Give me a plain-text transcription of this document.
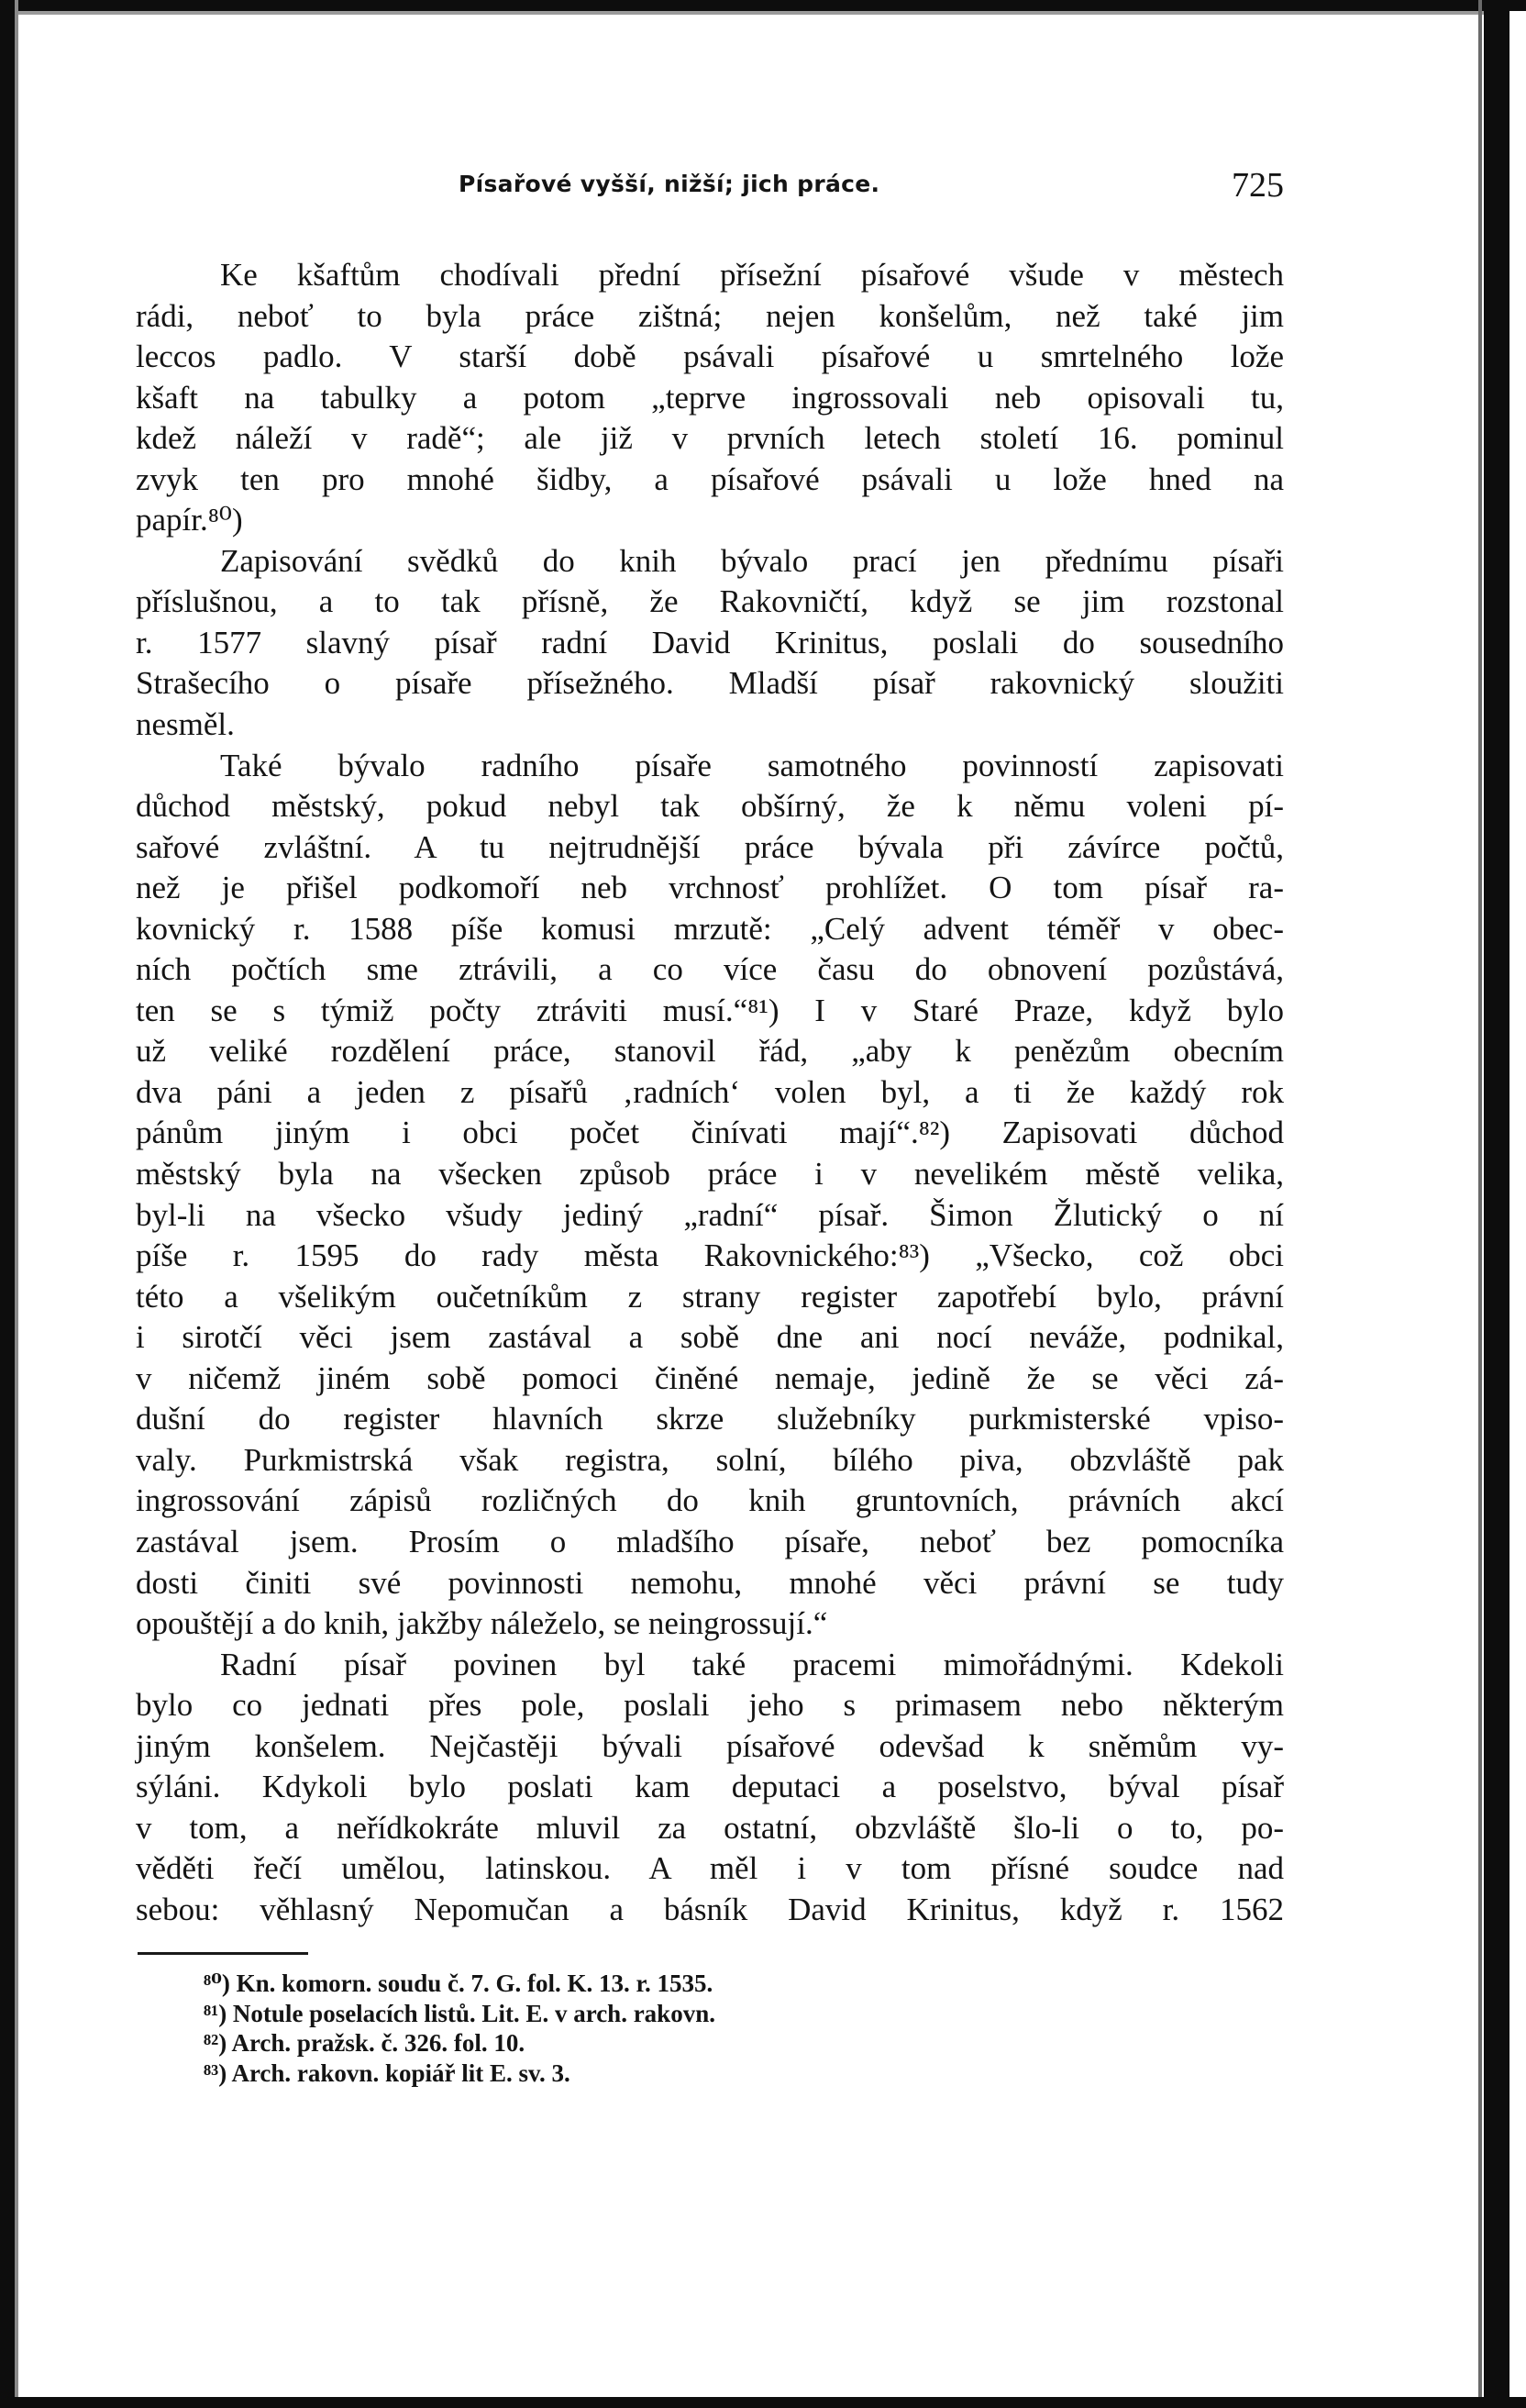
Písařové vyšší, nižší; jich práce.	725
Ke kšaftům chodívali přední přísežní písařové všude v městech
rádi, neboť to byla práce zištná; nejen konšelům, než také jim
leccos padlo. V starší době psávali písařové u smrtelného lože
kšaft na tabulky a potom „teprve ingrossovali neb opisovali tu,
kdež náleží v radě“; ale již v prvních letech století 16. pominul
zvyk ten pro mnohé šidby, a písařové psávali u lože hned na
papír.⁸⁰)
Zapisování svědků do knih bývalo prací jen přednímu písaři
příslušnou, a to tak přísně, že Rakovničtí, když se jim rozstonal
r. 1577 slavný písař radní David Krinitus, poslali do sousedního
Strašecího o písaře přísežného. Mladší písař rakovnický sloužiti
nesměl.
Také bývalo radního písaře samotného povinností zapisovati
důchod městský, pokud nebyl tak obšírný, že k němu voleni pí-
sařové zvláštní. A tu nejtrudnější práce bývala při závírce počtů,
než je přišel podkomoří neb vrchnosť prohlížet. O tom písař ra-
kovnický r. 1588 píše komusi mrzutě: „Celý advent téměř v obec-
ních počtích sme ztrávili, a co více času do obnovení pozůstává,
ten se s týmiž počty ztráviti musí.“⁸¹) I v Staré Praze, když bylo
už veliké rozdělení práce, stanovil řád, „aby k penězům obecním
dva páni a jeden z písařů ‚radních‘ volen byl, a ti že každý rok
pánům jiným i obci počet činívati mají“.⁸²) Zapisovati důchod
městský byla na všecken způsob práce i v nevelikém městě velika,
byl-li na všecko všudy jediný „radní“ písař. Šimon Žlutický o ní
píše r. 1595 do rady města Rakovnického:⁸³) „Všecko, což obci
této a všelikým oučetníkům z strany register zapotřebí bylo, právní
i sirotčí věci jsem zastával a sobě dne ani nocí neváže, podnikal,
v ničemž jiném sobě pomoci činěné nemaje, jedině že se věci zá-
dušní do register hlavních skrze služebníky purkmisterské vpiso-
valy. Purkmistrská však registra, solní, bílého piva, obzvláště pak
ingrossování zápisů rozličných do knih gruntovních, právních akcí
zastával jsem. Prosím o mladšího písaře, neboť bez pomocníka
dosti činiti své povinnosti nemohu, mnohé věci právní se tudy
opouštějí a do knih, jakžby náleželo, se neingrossují.“
Radní písař povinen byl také pracemi mimořádnými. Kdekoli
bylo co jednati přes pole, poslali jeho s primasem nebo některým
jiným konšelem. Nejčastěji bývali písařové odevšad k sněmům vy-
sýláni. Kdykoli bylo poslati kam deputaci a poselstvo, býval písař
v tom, a neřídkokráte mluvil za ostatní, obzvláště šlo-li o to, po-
věděti řečí umělou, latinskou. A měl i v tom přísné soudce nad
sebou: věhlasný Nepomučan a básník David Krinitus, když r. 1562
⁸⁰) Kn. komorn. soudu č. 7. G. fol. K. 13. r. 1535.
⁸¹) Notule poselacích listů. Lit. E. v arch. rakovn.
⁸²) Arch. pražsk. č. 326. fol. 10.
⁸³) Arch. rakovn. kopiář lit E. sv. 3.
